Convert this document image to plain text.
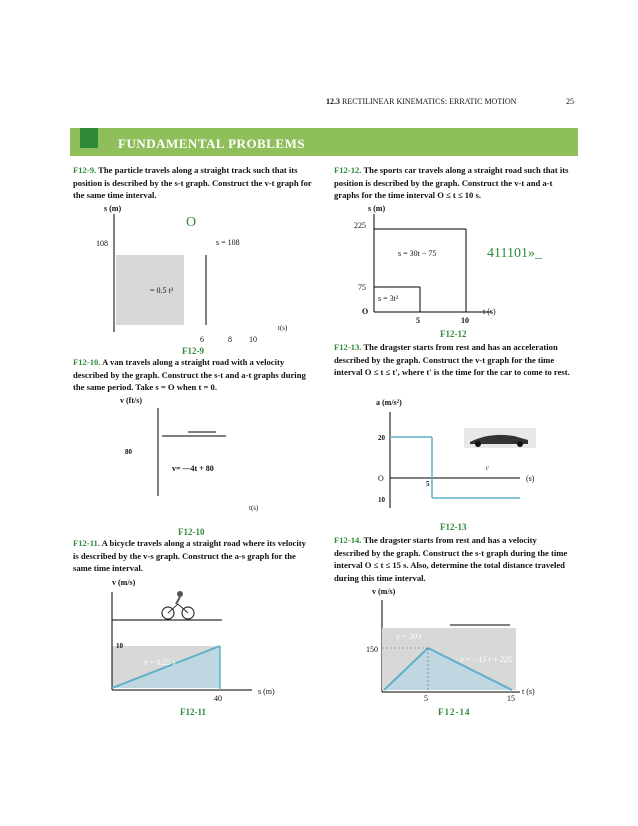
12.3 RECTILINEAR KINEMATICS: ERRATIC MOTION	25
FUNDAMENTAL PROBLEMS
F12-9. The particle travels along a straight track such that its position is described by the s-t graph. Construct the v-t graph for the same time interval.
s (m)
O
108	s = 108
= 0.5 t³
6	8 10
t(s)
F12-9
F12-10. A van travels along a straight road with a velocity described by the graph. Construct the s-t and a-t graphs during the same period. Take s = O when t = 0.
v (ft/s)
80
v= —4t + 80
t(s)
F12-10
F12-11. A bicycle travels along a straight road where its velocity is described by the v-s graph. Construct the a-s graph for the same time interval.
v (m/s)
10
v = 0.25 s
s (m)
40
F12-11
F12-12. The sports car travels along a straight road such that its position is described by the graph. Construct the v-t and a-t graphs for the time interval O ≤ t ≤ 10 s.
s (m)
225
s = 30t − 75	411101»_
75
s = 3t²
O	t (s)
5	10
F12-12
F12-13. The dragster starts from rest and has an acceleration described by the graph. Construct the v-t graph for the time interval O ≤ t ≤ t', where t' is the time for the car to come to rest.
a (m/s²)
20
O
5
t'
(s)
10
F12-13
F12-14. The dragster starts from rest and has a velocity described by the graph. Construct the s-t graph during the time interval O ≤ t ≤ 15 s. Also, determine the total distance traveled during this time interval.
v (m/s)
150
v = 30 t
v = −15 t + 225
5	15
t (s)
F12-14
